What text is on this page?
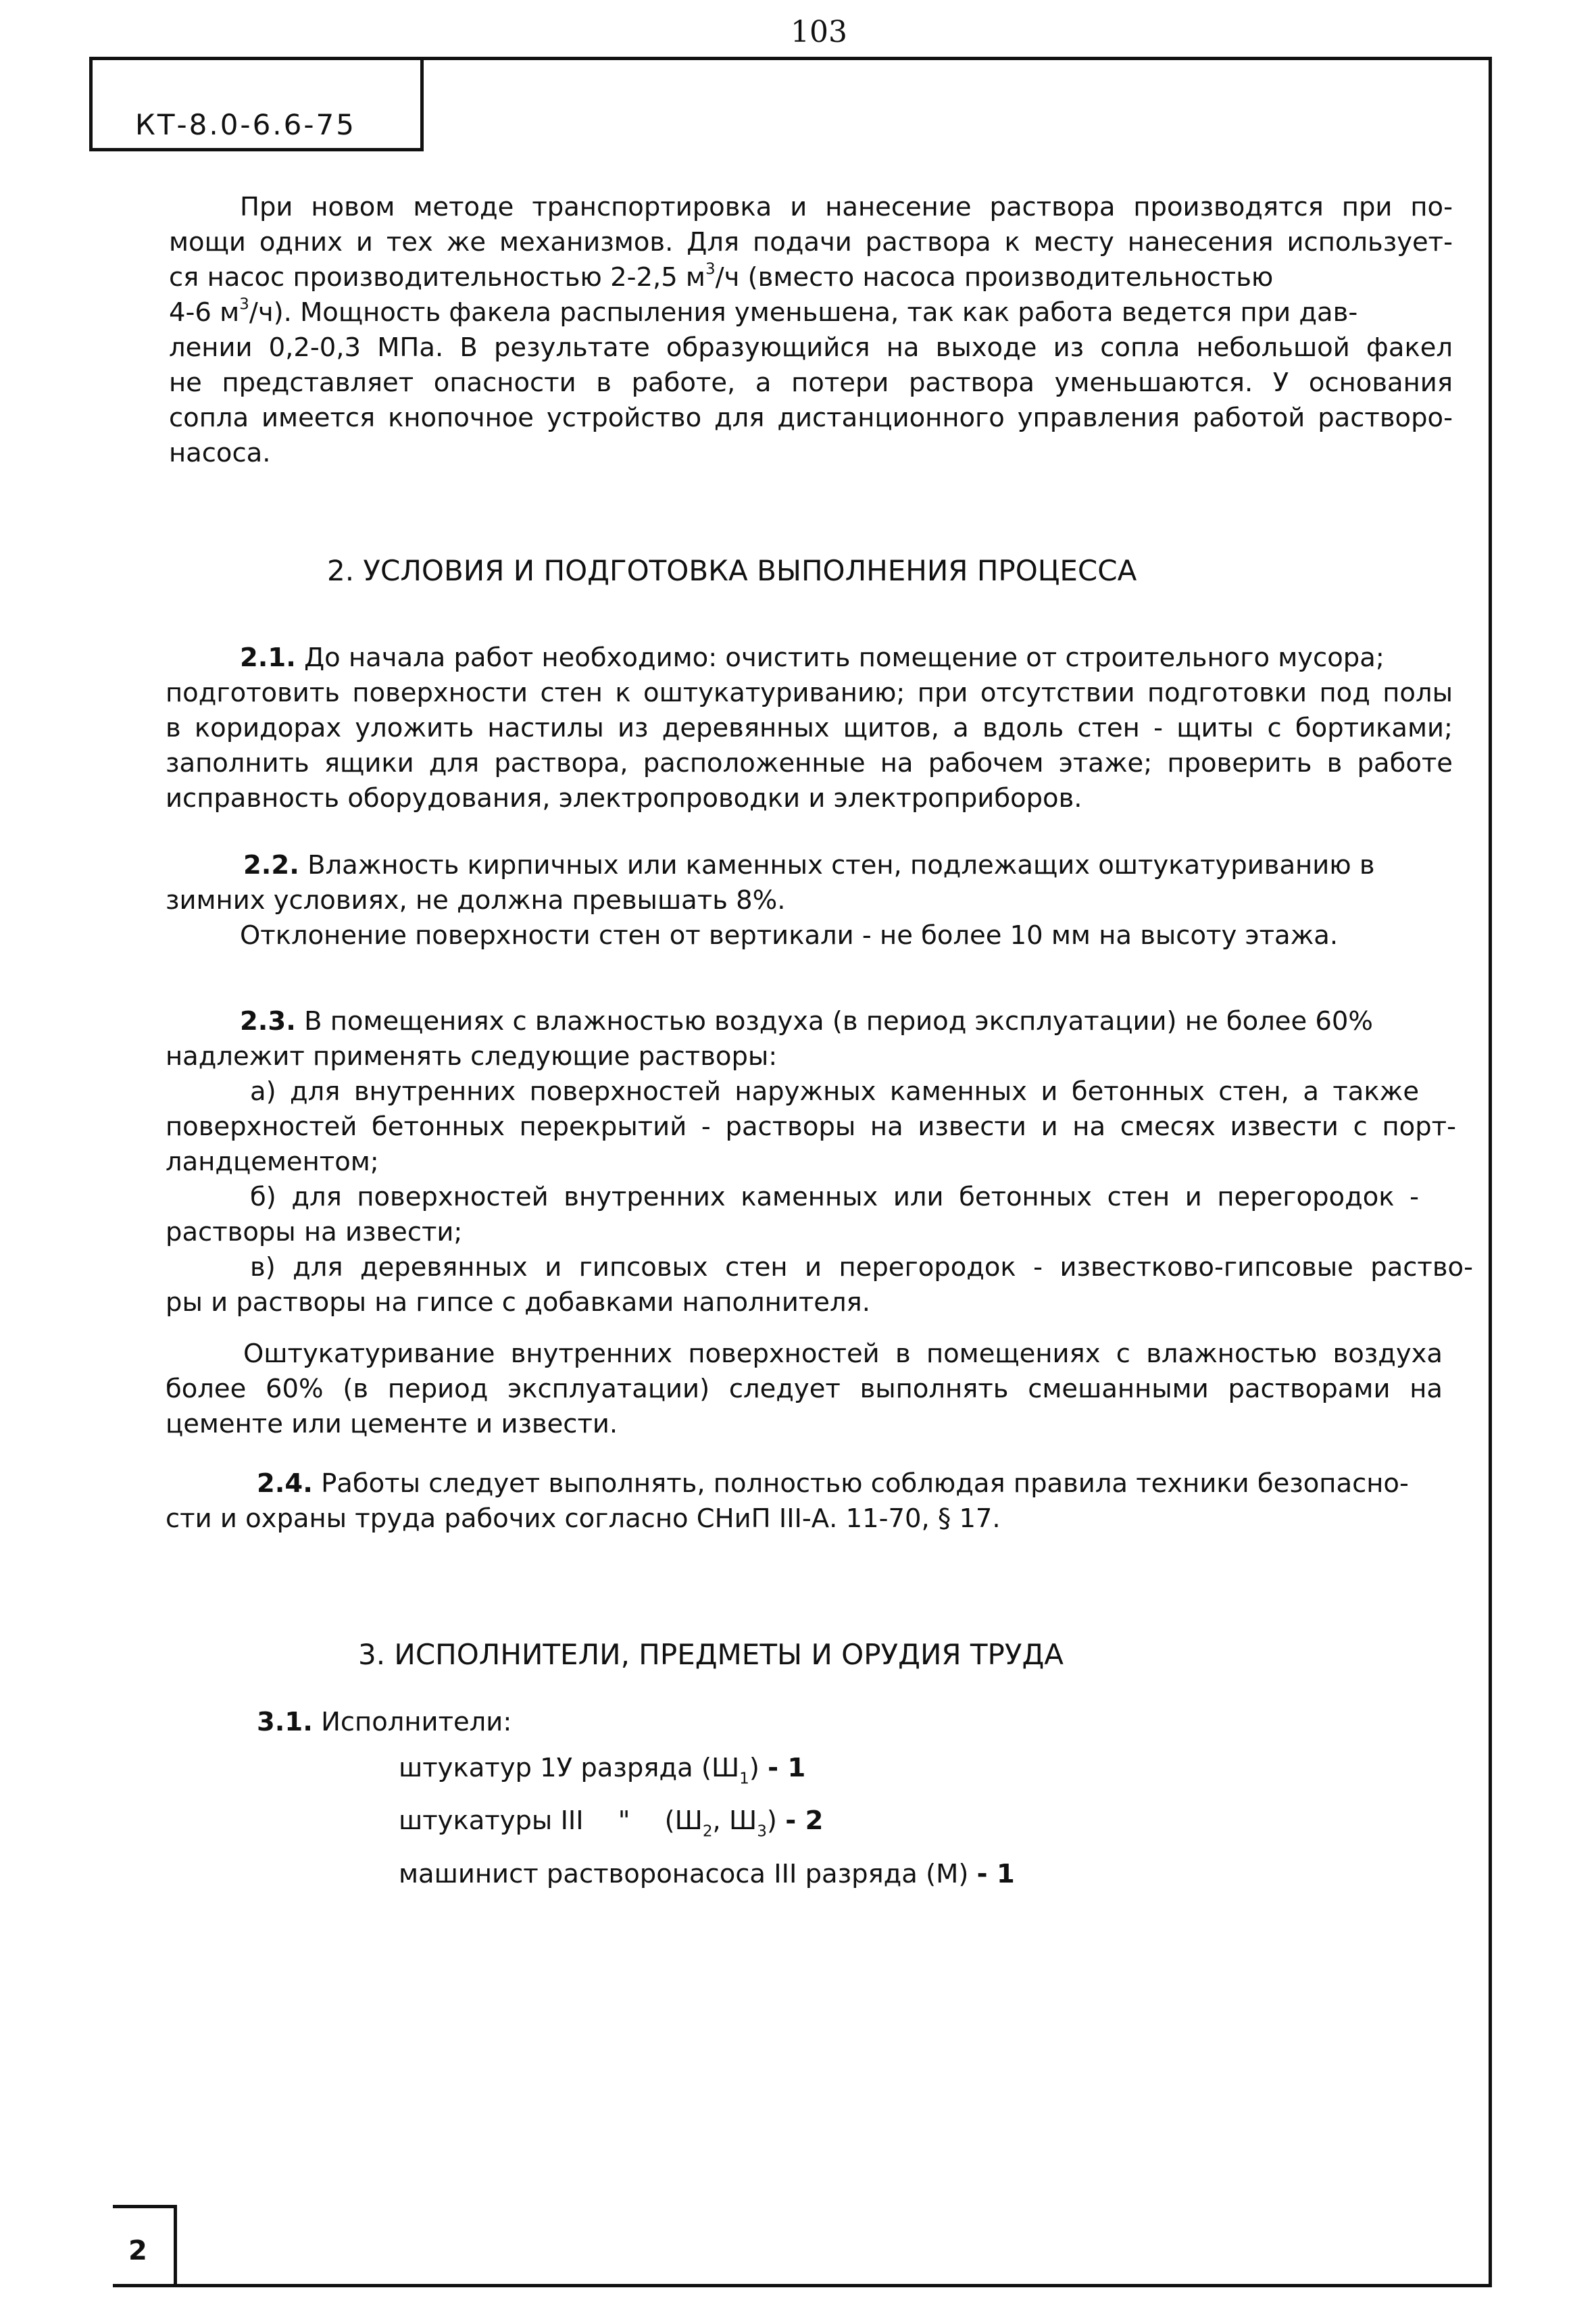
103
КТ-8.0-6.6-75
При новом методе транспортировка и нанесение раствора производятся при по-
мощи одних и тех же механизмов. Для подачи раствора к месту нанесения использует-
ся насос производительностью 2-2,5 $м^3/ч$ (вместо насоса производительностью
4-6 $м^3/ч$). Мощность факела распыления уменьшена, так как работа ведется при дав-
лении 0,2-0,3 МПа. В результате образующийся на выходе из сопла небольшой факел
не представляет опасности в работе, а потери раствора уменьшаются. У основания
сопла имеется кнопочное устройство для дистанционного управления работой растворо-
насоса.
2. УСЛОВИЯ И ПОДГОТОВКА ВЫПОЛНЕНИЯ ПРОЦЕССА
2.1. До начала работ необходимо: очистить помещение от строительного мусора;
подготовить поверхности стен к оштукатуриванию; при отсутствии подготовки под полы
в коридорах уложить настилы из деревянных щитов, а вдоль стен - щиты с бортиками;
заполнить ящики для раствора, расположенные на рабочем этаже; проверить в работе
исправность оборудования, электропроводки и электроприборов.
2.2. Влажность кирпичных или каменных стен, подлежащих оштукатуриванию в
зимних условиях, не должна превышать 8%.
Отклонение поверхности стен от вертикали - не более 10 мм на высоту этажа.
2.3. В помещениях с влажностью воздуха (в период эксплуатации) не более 60%
надлежит применять следующие растворы:
а) для внутренних поверхностей наружных каменных и бетонных стен, а также
поверхностей бетонных перекрытий - растворы на извести и на смесях извести с порт-
ландцементом;
б) для поверхностей внутренних каменных или бетонных стен и перегородок -
растворы на извести;
в) для деревянных и гипсовых стен и перегородок - известково-гипсовые раство-
ры и растворы на гипсе с добавками наполнителя.
Оштукатуривание внутренних поверхностей в помещениях с влажностью воздуха
более 60% (в период эксплуатации) следует выполнять смешанными растворами на
цементе или цементе и извести.
2.4. Работы следует выполнять, полностью соблюдая правила техники безопасно-
сти и охраны труда рабочих согласно СНиП III-А. 11-70, § 17.
3. ИСПОЛНИТЕЛИ, ПРЕДМЕТЫ И ОРУДИЯ ТРУДА
3.1. Исполнители:
штукатур 1У разряда $(Ш_1) - 1$
штукатуры III " ($Ш_2$, $Ш_3) - 2$
машинист растворонасоса III разряда (М) - 1
2
